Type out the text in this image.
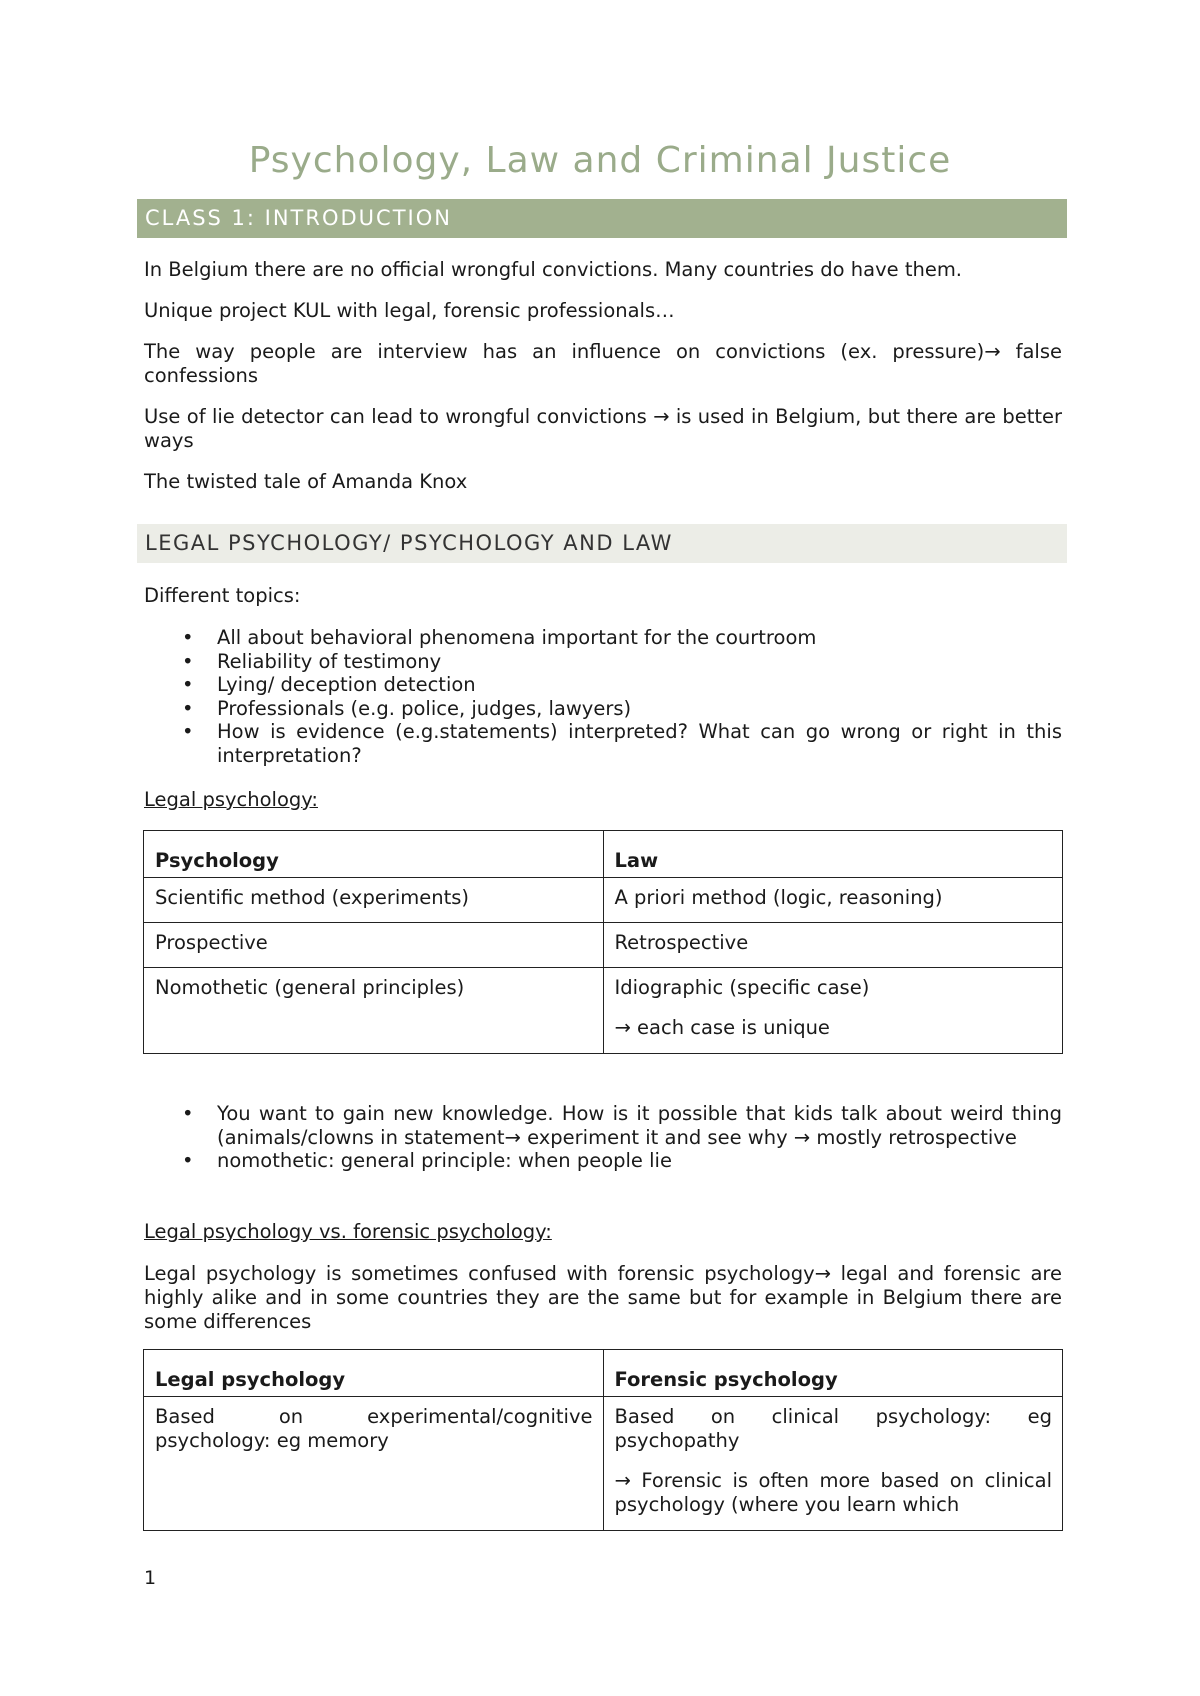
Psychology, Law and Criminal Justice
CLASS 1: INTRODUCTION

In Belgium there are no official wrongful convictions. Many countries do have them.

Unique project KUL with legal, forensic professionals…

The way people are interview has an influence on convictions (ex. pressure)→ false confessions

Use of lie detector can lead to wrongful convictions → is used in Belgium, but there are better ways

The twisted tale of Amanda Knox

LEGAL PSYCHOLOGY/ PSYCHOLOGY AND LAW

Different topics:

• All about behavioral phenomena important for the courtroom
• Reliability of testimony
• Lying/ deception detection
• Professionals (e.g. police, judges, lawyers)
• How is evidence (e.g.statements) interpreted? What can go wrong or right in this interpretation?

Legal psychology:

Psychology	Law
Scientific method (experiments)	A priori method (logic, reasoning)
Prospective	Retrospective
Nomothetic (general principles)	Idiographic (specific case)

→ each case is unique

• You want to gain new knowledge. How is it possible that kids talk about weird thing (animals/clowns in statement→ experiment it and see why → mostly retrospective
• nomothetic: general principle: when people lie

Legal psychology vs. forensic psychology:

Legal psychology is sometimes confused with forensic psychology→ legal and forensic are highly alike and in some countries they are the same but for example in Belgium there are some differences

Legal psychology	Forensic psychology
Based on experimental/cognitive psychology: eg memory	Based on clinical psychology: eg psychopathy

→ Forensic is often more based on clinical psychology (where you learn which

1
